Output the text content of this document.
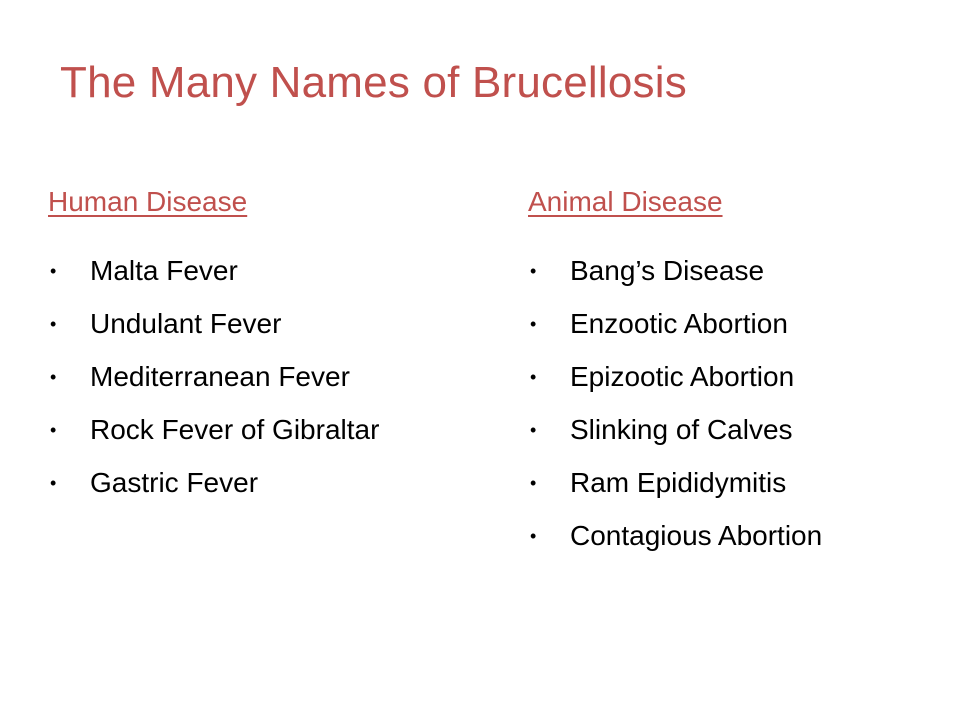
The Many Names of Brucellosis
Human Disease
•	Malta Fever
•	Undulant Fever
•	Mediterranean Fever
•	Rock Fever of Gibraltar
•	Gastric Fever
Animal Disease
•	Bang’s Disease
•	Enzootic Abortion
•	Epizootic Abortion
•	Slinking of Calves
•	Ram Epididymitis
•	Contagious Abortion
